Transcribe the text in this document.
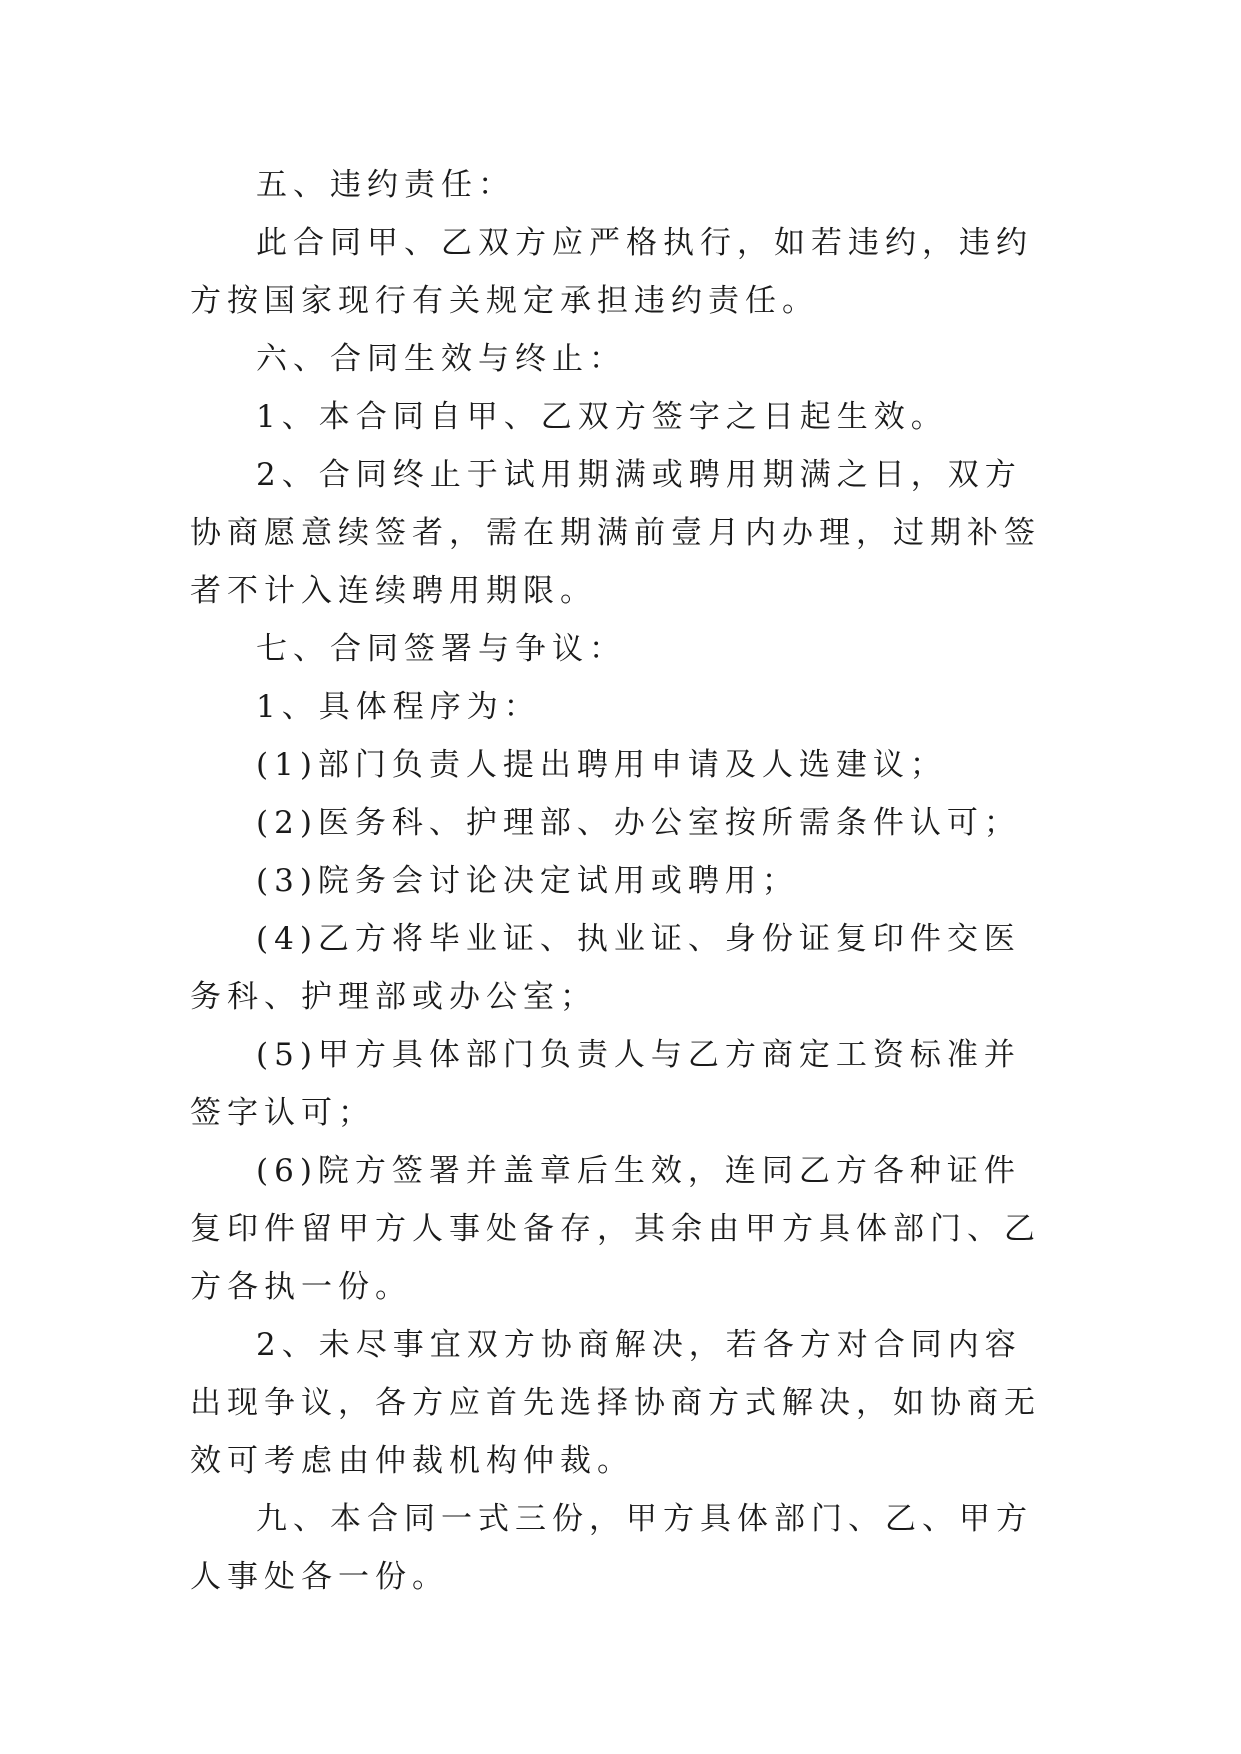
五、违约责任：

此合同甲、乙双方应严格执行，如若违约，违约方按国家现行有关规定承担违约责任。

六、合同生效与终止：

1、本合同自甲、乙双方签字之日起生效。

2、合同终止于试用期满或聘用期满之日，双方协商愿意续签者，需在期满前壹月内办理，过期补签者不计入连续聘用期限。

七、合同签署与争议：

1、具体程序为：

(1)部门负责人提出聘用申请及人选建议；

(2)医务科、护理部、办公室按所需条件认可；

(3)院务会讨论决定试用或聘用；

(4)乙方将毕业证、执业证、身份证复印件交医务科、护理部或办公室；

(5)甲方具体部门负责人与乙方商定工资标准并签字认可；

(6)院方签署并盖章后生效，连同乙方各种证件复印件留甲方人事处备存，其余由甲方具体部门、乙方各执一份。

2、未尽事宜双方协商解决，若各方对合同内容出现争议，各方应首先选择协商方式解决，如协商无效可考虑由仲裁机构仲裁。

九、本合同一式三份，甲方具体部门、乙、甲方人事处各一份。
